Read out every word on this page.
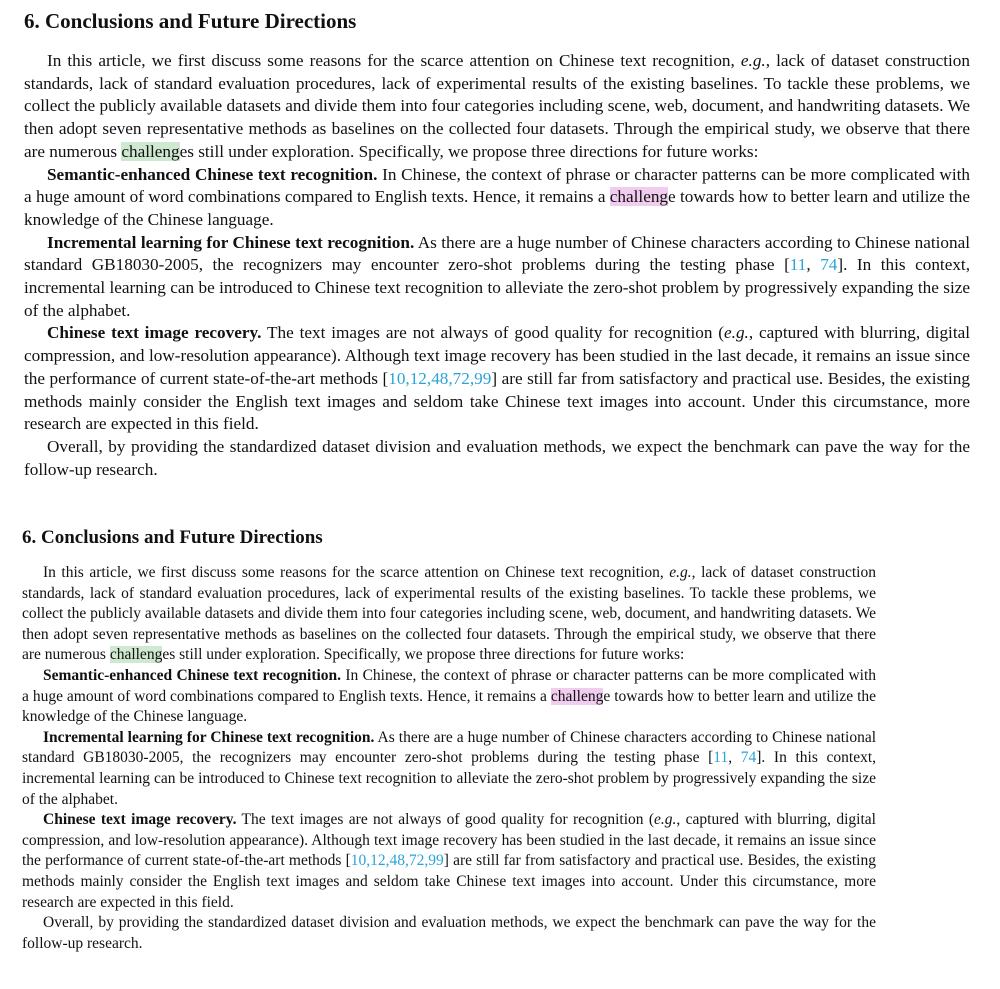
6. Conclusions and Future Directions

In this article, we first discuss some reasons for the scarce attention on Chinese text recognition, e.g., lack of dataset construction standards, lack of standard evaluation procedures, lack of experimental results of the existing baselines. To tackle these problems, we collect the publicly available datasets and divide them into four categories including scene, web, document, and handwriting datasets. We then adopt seven representative methods as baselines on the collected four datasets. Through the empirical study, we observe that there are numerous challenges still under exploration. Specifically, we propose three directions for future works:

Semantic-enhanced Chinese text recognition. In Chinese, the context of phrase or character patterns can be more complicated with a huge amount of word combinations compared to English texts. Hence, it remains a challenge towards how to better learn and utilize the knowledge of the Chinese language.

Incremental learning for Chinese text recognition. As there are a huge number of Chinese characters according to Chinese national standard GB18030-2005, the recognizers may encounter zero-shot problems during the testing phase [11, 74]. In this context, incremental learning can be introduced to Chinese text recognition to alleviate the zero-shot problem by progressively expanding the size of the alphabet.

Chinese text image recovery. The text images are not always of good quality for recognition (e.g., captured with blurring, digital compression, and low-resolution appearance). Although text image recovery has been studied in the last decade, it remains an issue since the performance of current state-of-the-art methods [10,12,48,72,99] are still far from satisfactory and practical use. Besides, the existing methods mainly consider the English text images and seldom take Chinese text images into account. Under this circumstance, more research are expected in this field.

Overall, by providing the standardized dataset division and evaluation methods, we expect the benchmark can pave the way for the follow-up research.

6. Conclusions and Future Directions

In this article, we first discuss some reasons for the scarce attention on Chinese text recognition, e.g., lack of dataset construction standards, lack of standard evaluation procedures, lack of experimental results of the existing baselines. To tackle these problems, we collect the publicly available datasets and divide them into four categories including scene, web, document, and handwriting datasets. We then adopt seven representative methods as baselines on the collected four datasets. Through the empirical study, we observe that there are numerous challenges still under exploration. Specifically, we propose three directions for future works:

Semantic-enhanced Chinese text recognition. In Chinese, the context of phrase or character patterns can be more complicated with a huge amount of word combinations compared to English texts. Hence, it remains a challenge towards how to better learn and utilize the knowledge of the Chinese language.

Incremental learning for Chinese text recognition. As there are a huge number of Chinese characters according to Chinese national standard GB18030-2005, the recognizers may encounter zero-shot problems during the testing phase [11, 74]. In this context, incremental learning can be introduced to Chinese text recognition to alleviate the zero-shot problem by progressively expanding the size of the alphabet.

Chinese text image recovery. The text images are not always of good quality for recognition (e.g., captured with blurring, digital compression, and low-resolution appearance). Although text image recovery has been studied in the last decade, it remains an issue since the performance of current state-of-the-art methods [10,12,48,72,99] are still far from satisfactory and practical use. Besides, the existing methods mainly consider the English text images and seldom take Chinese text images into account. Under this circumstance, more research are expected in this field.

Overall, by providing the standardized dataset division and evaluation methods, we expect the benchmark can pave the way for the follow-up research.
